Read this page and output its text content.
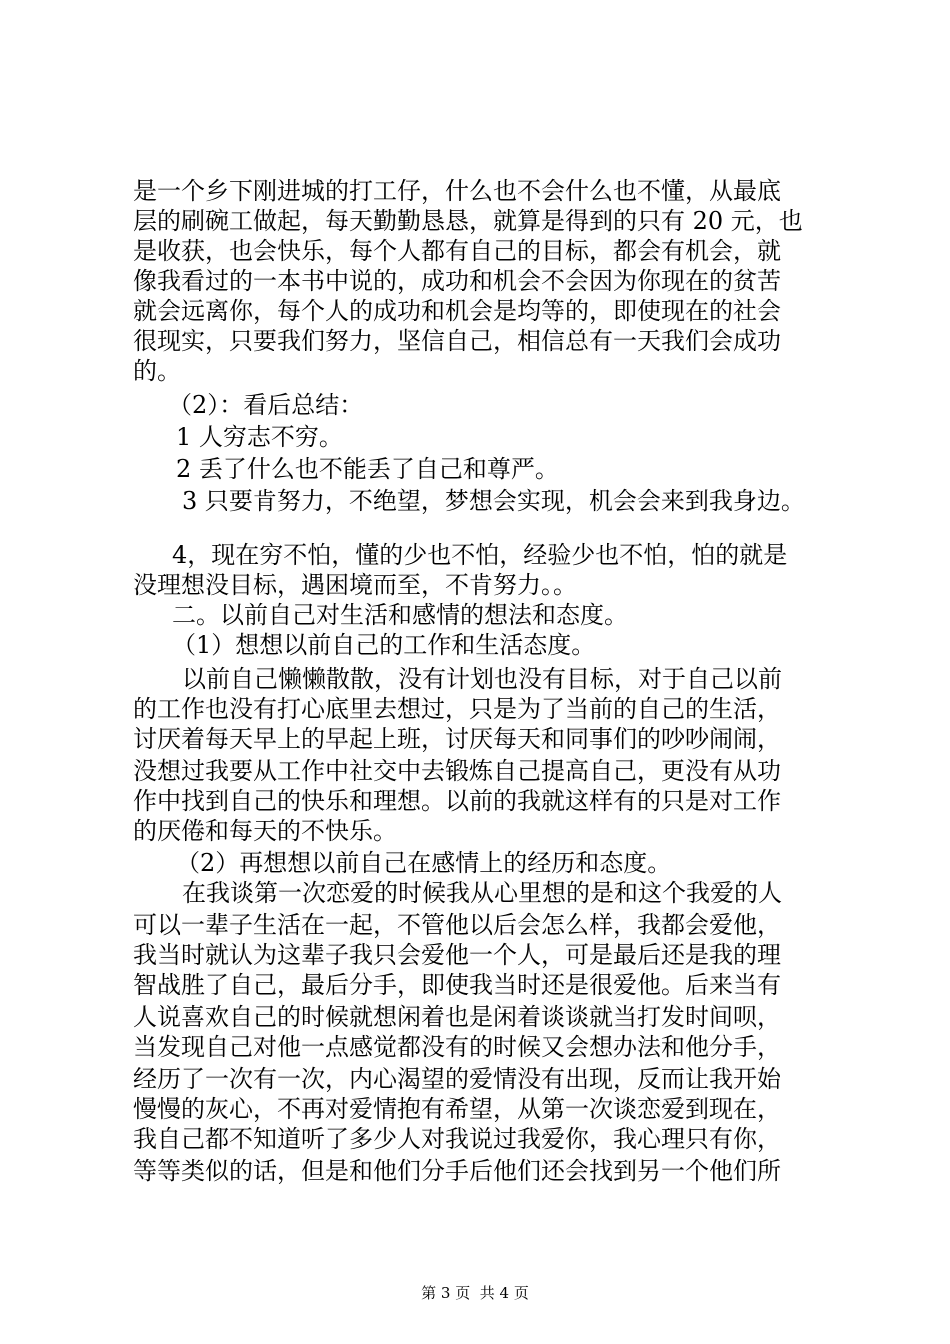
是一个乡下刚进城的打工仔，什么也不会什么也不懂，从最底
层的刷碗工做起，每天勤勤恳恳，就算是得到的只有 20 元，也
是收获，也会快乐，每个人都有自己的目标，都会有机会，就
像我看过的一本书中说的，成功和机会不会因为你现在的贫苦
就会远离你，每个人的成功和机会是均等的，即使现在的社会
很现实，只要我们努力，坚信自己，相信总有一天我们会成功
的。
（2）：看后总结：
1 人穷志不穷。
2 丢了什么也不能丢了自己和尊严。
3 只要肯努力，不绝望，梦想会实现，机会会来到我身边。
4，现在穷不怕，懂的少也不怕，经验少也不怕，怕的就是
没理想没目标，遇困境而至，不肯努力。。
二。以前自己对生活和感情的想法和态度。
（1）想想以前自己的工作和生活态度。
以前自己懒懒散散，没有计划也没有目标，对于自己以前
的工作也没有打心底里去想过，只是为了当前的自己的生活，
讨厌着每天早上的早起上班，讨厌每天和同事们的吵吵闹闹，
没想过我要从工作中社交中去锻炼自己提高自己，更没有从功
作中找到自己的快乐和理想。以前的我就这样有的只是对工作
的厌倦和每天的不快乐。
（2）再想想以前自己在感情上的经历和态度。
在我谈第一次恋爱的时候我从心里想的是和这个我爱的人
可以一辈子生活在一起，不管他以后会怎么样，我都会爱他，
我当时就认为这辈子我只会爱他一个人，可是最后还是我的理
智战胜了自己，最后分手，即使我当时还是很爱他。后来当有
人说喜欢自己的时候就想闲着也是闲着谈谈就当打发时间呗，
当发现自己对他一点感觉都没有的时候又会想办法和他分手，
经历了一次有一次，内心渴望的爱情没有出现，反而让我开始
慢慢的灰心，不再对爱情抱有希望，从第一次谈恋爱到现在，
我自己都不知道听了多少人对我说过我爱你，我心理只有你，
等等类似的话，但是和他们分手后他们还会找到另一个他们所
第 3 页  共 4 页
